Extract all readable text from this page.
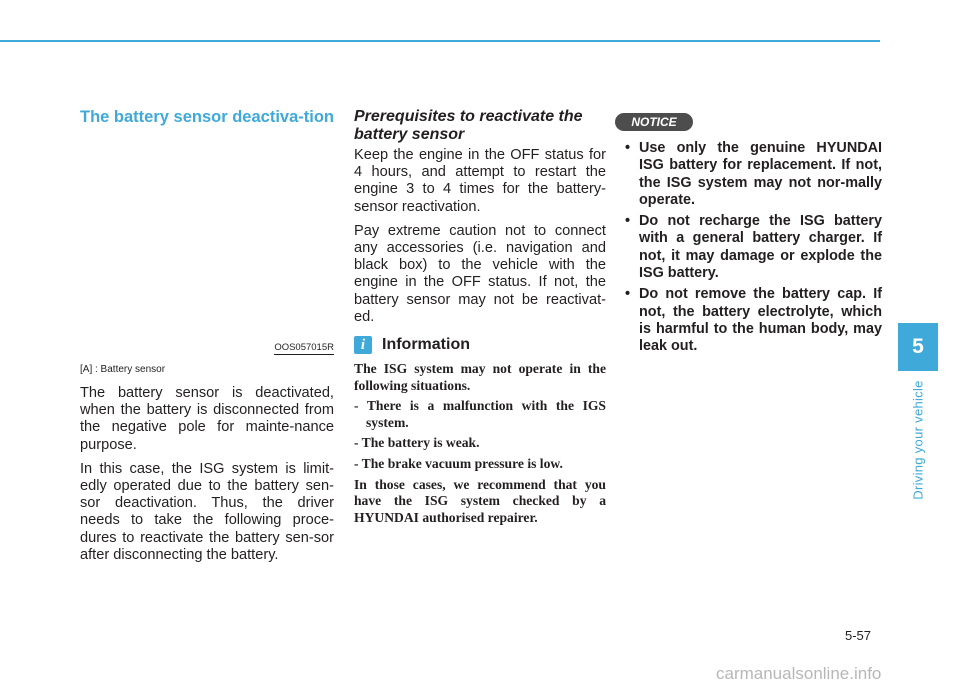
The battery sensor deactiva-tion
OOS057015R
[A] : Battery sensor

The battery sensor is deactivated, when the battery is disconnected from the negative pole for mainte-nance purpose.

In this case, the ISG system is limit-edly operated due to the battery sen-sor deactivation. Thus, the driver needs to take the following proce-dures to reactivate the battery sen-sor after disconnecting the battery.

Prerequisites to reactivate the battery sensor

Keep the engine in the OFF status for 4 hours, and attempt to restart the engine 3 to 4 times for the battery-sensor reactivation.

Pay extreme caution not to connect any accessories (i.e. navigation and black box) to the vehicle with the engine in the OFF status. If not, the battery sensor may not be reactivat-ed.

i	Information

The ISG system may not operate in the following situations.

- There is a malfunction with the IGS system.

- The battery is weak.

- The brake vacuum pressure is low.

In those cases, we recommend that you have the ISG system checked by a HYUNDAI authorised repairer.

NOTICE
• Use only the genuine HYUNDAI ISG battery for replacement. If not, the ISG system may not nor-mally operate.
• Do not recharge the ISG battery with a general battery charger. If not, it may damage or explode the ISG battery.
• Do not remove the battery cap. If not, the battery electrolyte, which is harmful to the human body, may leak out.	5
Driving your vehicle
5-57
carmanualsonline.info
